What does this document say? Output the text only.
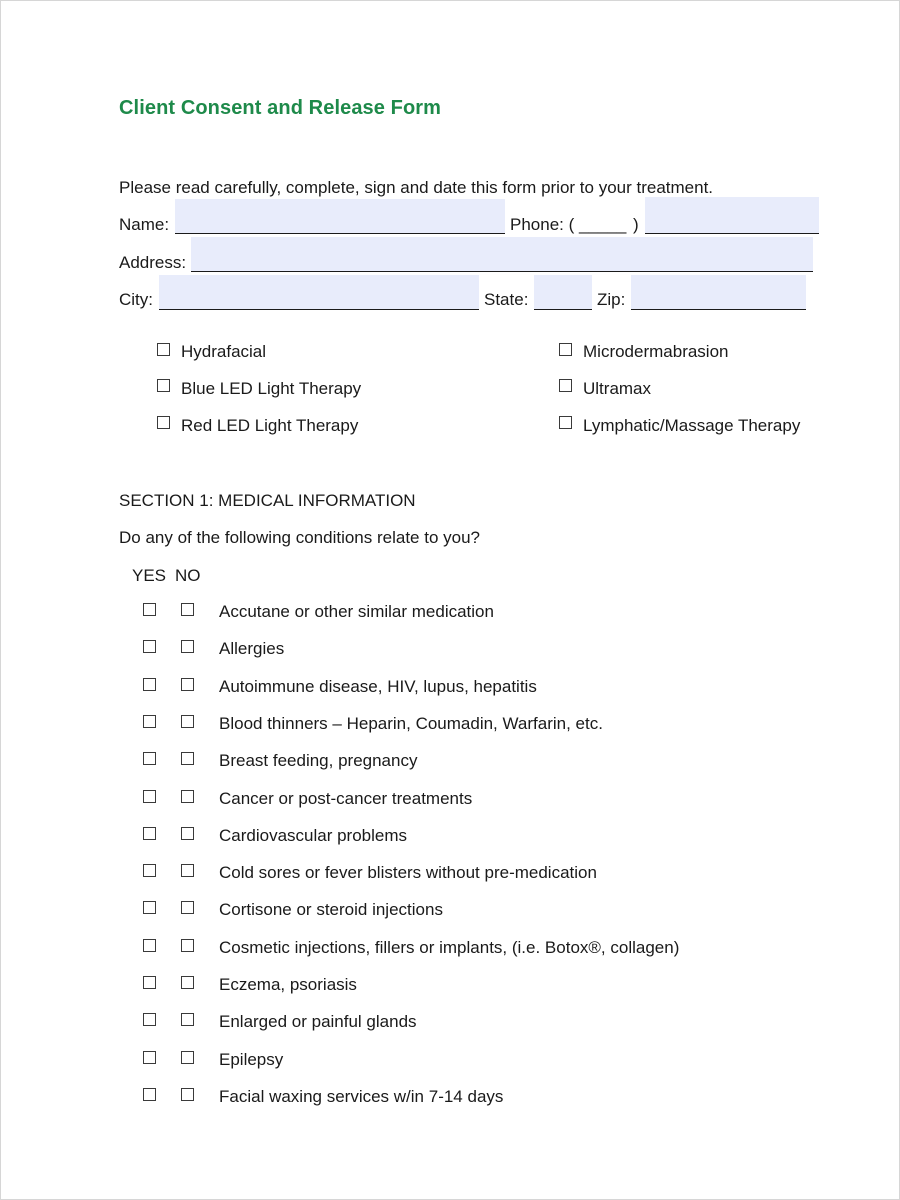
Client Consent and Release Form
Please read carefully, complete, sign and date this form prior to your treatment.
Name:	Phone: ( _____ )
Address:
City:	State:	Zip:
Hydrafacial
Blue LED Light Therapy
Red LED Light Therapy
Microdermabrasion
Ultramax
Lymphatic/Massage Therapy
SECTION 1: MEDICAL INFORMATION
Do any of the following conditions relate to you?
YES NO
Accutane or other similar medication
Allergies
Autoimmune disease, HIV, lupus, hepatitis
Blood thinners – Heparin, Coumadin, Warfarin, etc.
Breast feeding, pregnancy
Cancer or post-cancer treatments
Cardiovascular problems
Cold sores or fever blisters without pre-medication
Cortisone or steroid injections
Cosmetic injections, fillers or implants, (i.e. Botox®, collagen)
Eczema, psoriasis
Enlarged or painful glands
Epilepsy
Facial waxing services w/in 7-14 days
